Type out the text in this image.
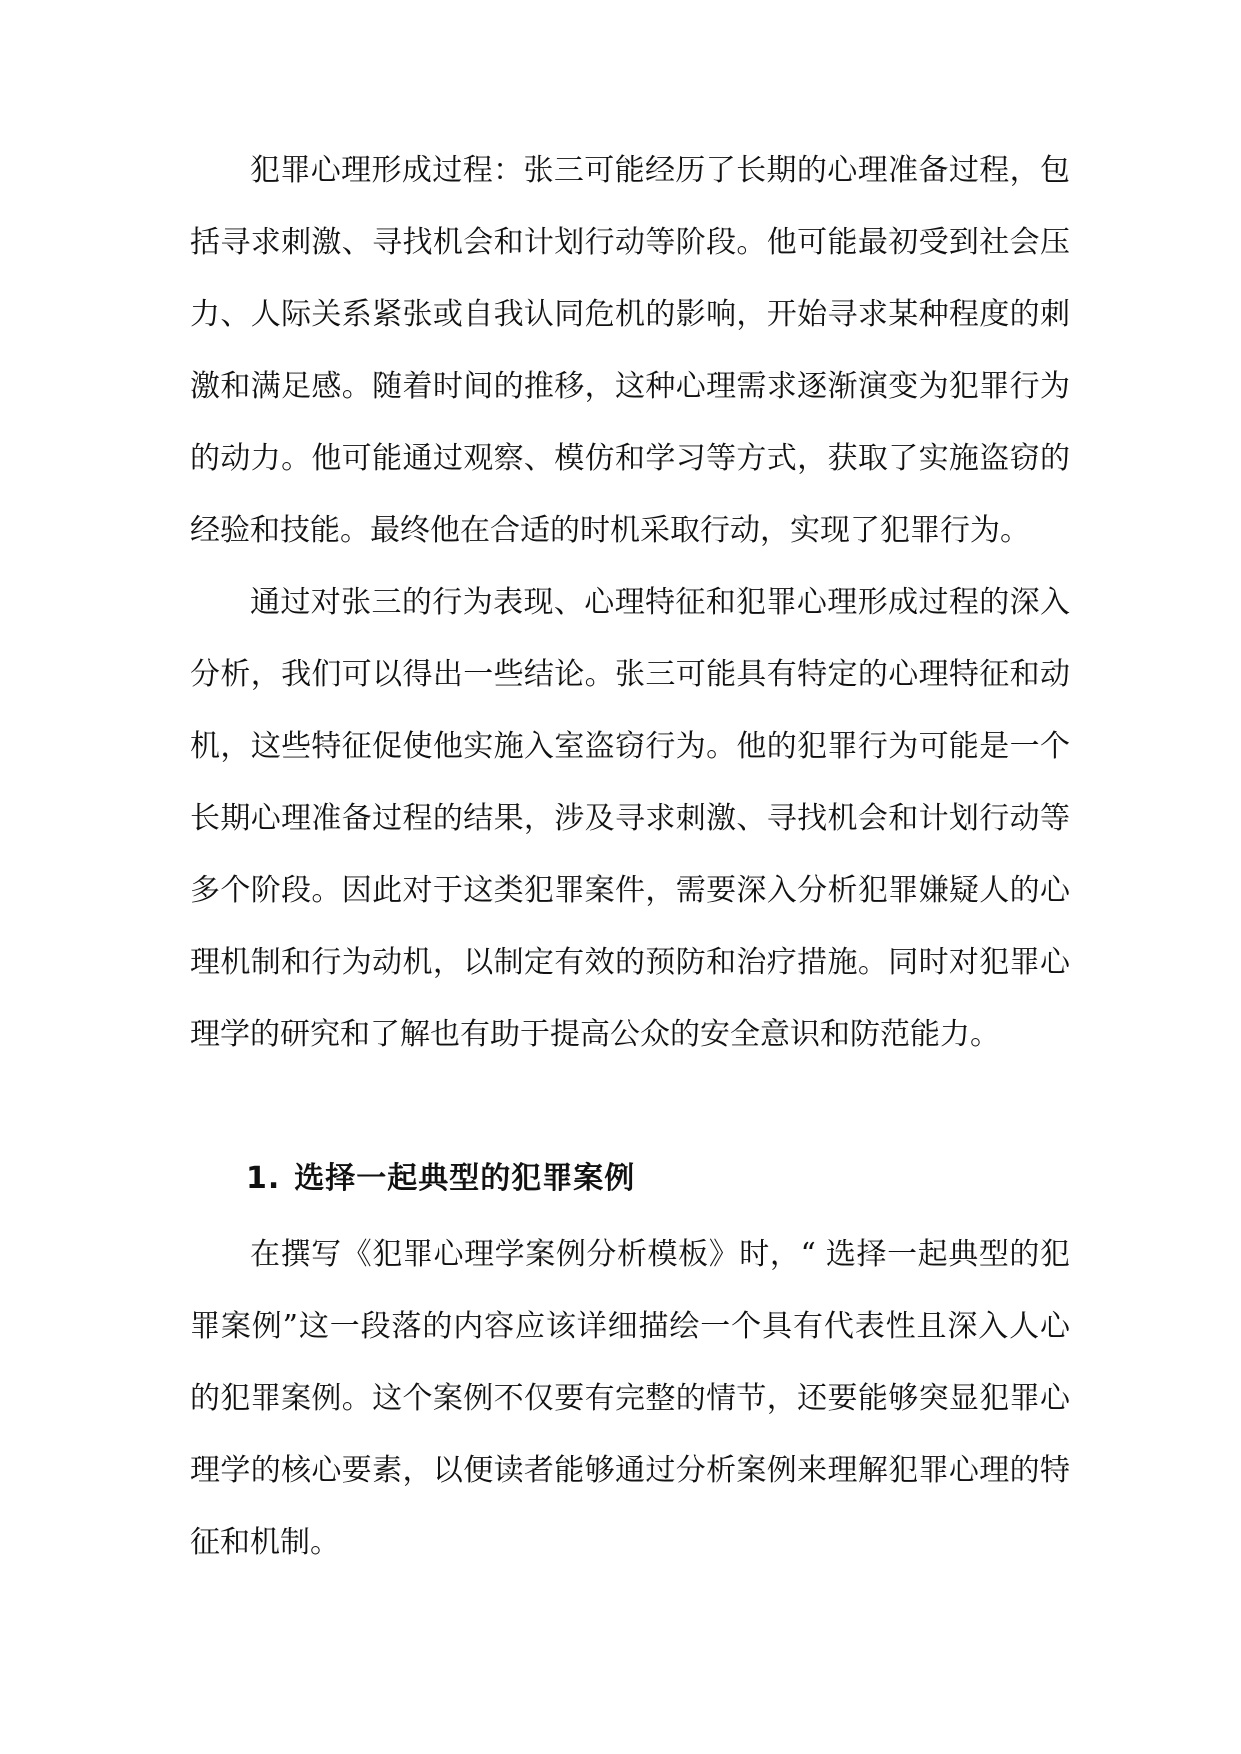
犯罪心理形成过程：张三可能经历了长期的心理准备过程，包括寻求刺激、寻找机会和计划行动等阶段。他可能最初受到社会压力、人际关系紧张或自我认同危机的影响，开始寻求某种程度的刺激和满足感。随着时间的推移，这种心理需求逐渐演变为犯罪行为的动力。他可能通过观察、模仿和学习等方式，获取了实施盗窃的经验和技能。最终他在合适的时机采取行动，实现了犯罪行为。

通过对张三的行为表现、心理特征和犯罪心理形成过程的深入分析，我们可以得出一些结论。张三可能具有特定的心理特征和动机，这些特征促使他实施入室盗窃行为。他的犯罪行为可能是一个长期心理准备过程的结果，涉及寻求刺激、寻找机会和计划行动等多个阶段。因此对于这类犯罪案件，需要深入分析犯罪嫌疑人的心理机制和行为动机，以制定有效的预防和治疗措施。同时对犯罪心理学的研究和了解也有助于提高公众的安全意识和防范能力。

1. 选择一起典型的犯罪案例

在撰写《犯罪心理学案例分析模板》时，“ 选择一起典型的犯罪案例”这一段落的内容应该详细描绘一个具有代表性且深入人心的犯罪案例。这个案例不仅要有完整的情节，还要能够突显犯罪心理学的核心要素，以便读者能够通过分析案例来理解犯罪心理的特征和机制。
